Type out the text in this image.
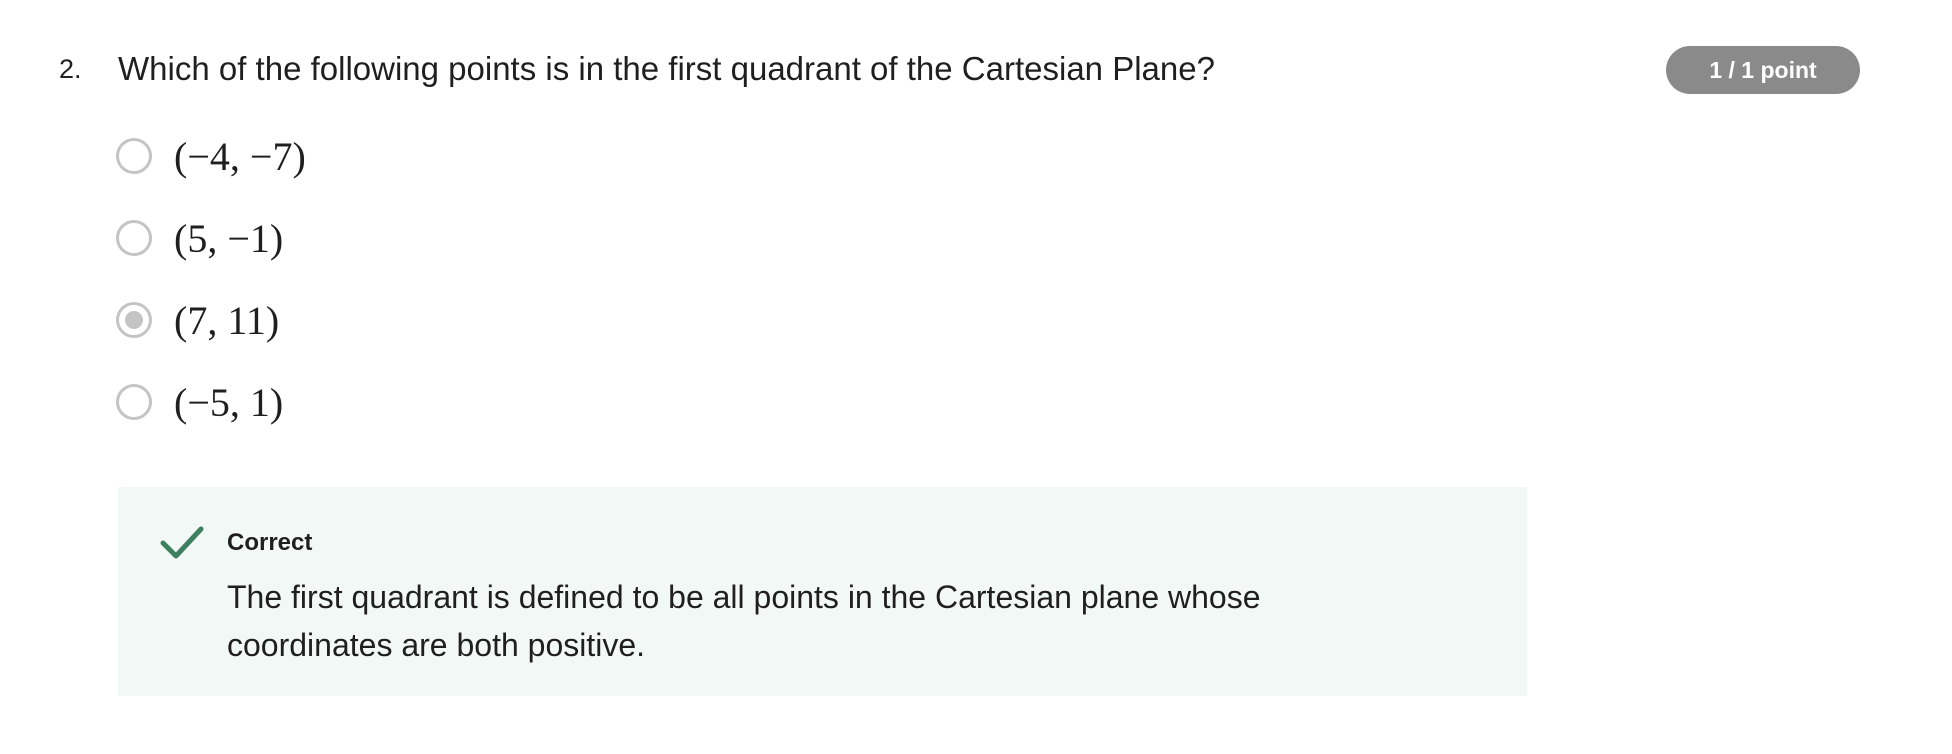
2. Which of the following points is in the first quadrant of the Cartesian Plane?	1 / 1 point
(−4, −7)
(5, −1)
(7, 11)
(−5, 1)
Correct
The first quadrant is defined to be all points in the Cartesian plane whose coordinates are both positive.
